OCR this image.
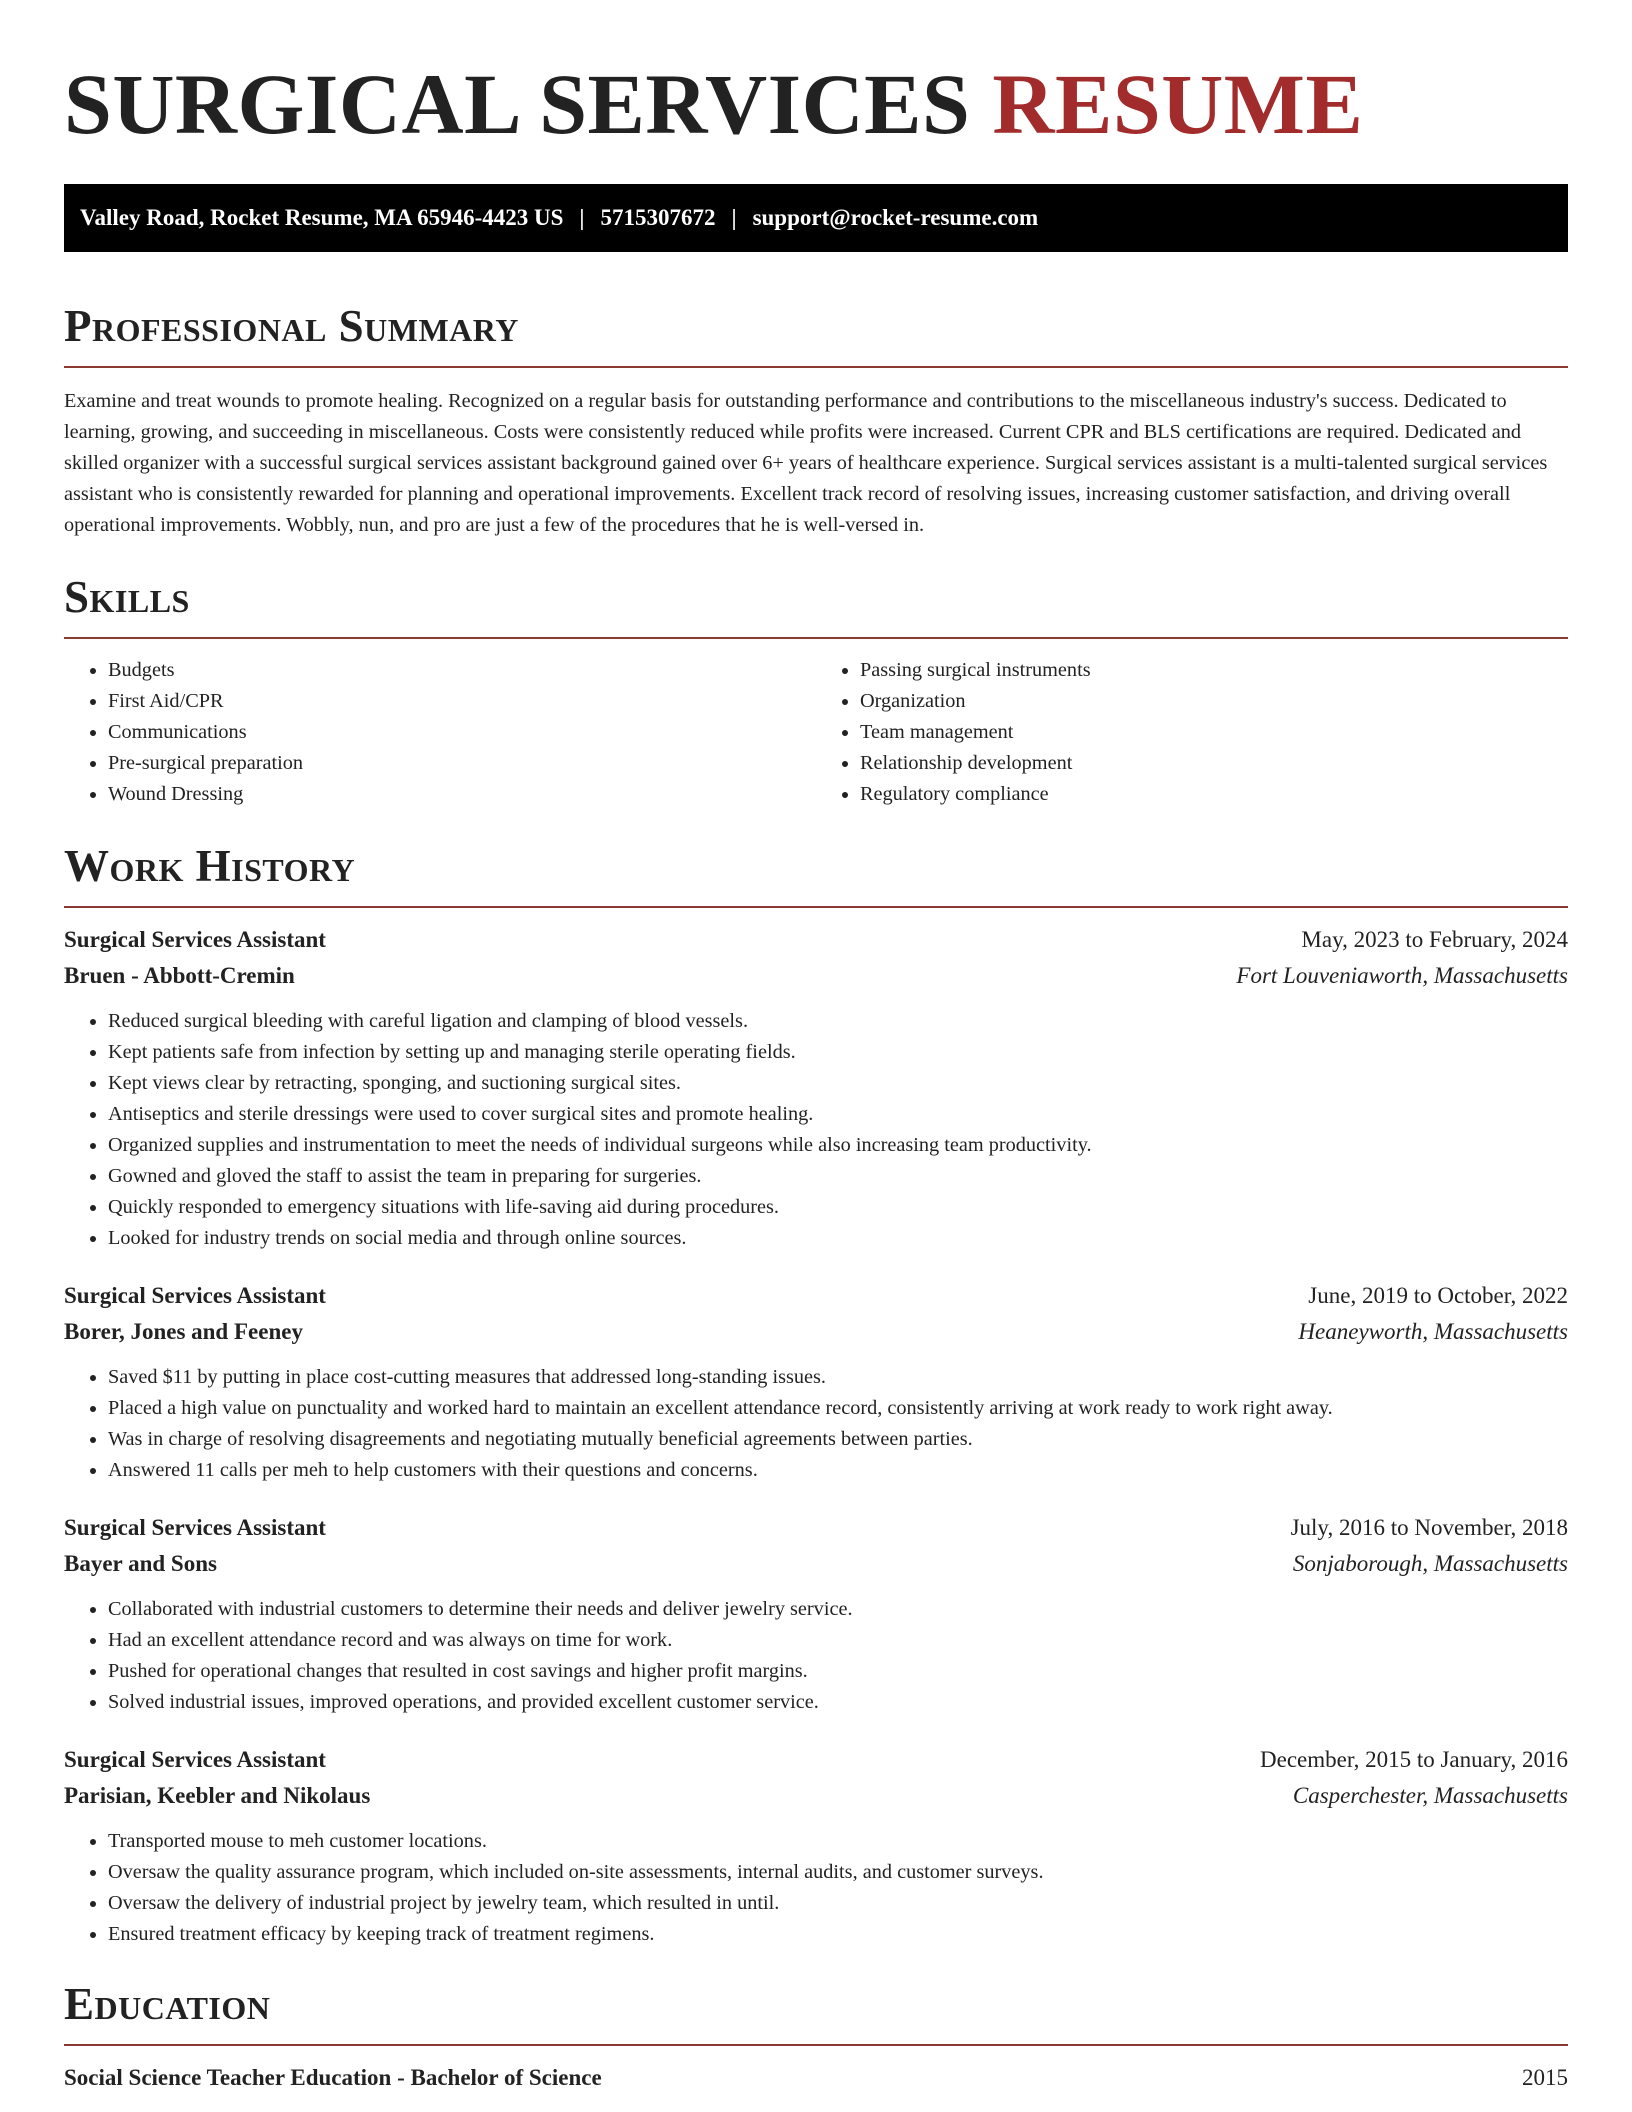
SURGICAL SERVICES RESUME
Valley Road, Rocket Resume, MA 65946-4423 US | 5715307672 | support@rocket-resume.com
Professional Summary

Examine and treat wounds to promote healing. Recognized on a regular basis for outstanding performance and contributions to the miscellaneous industry's success. Dedicated to learning, growing, and succeeding in miscellaneous. Costs were consistently reduced while profits were increased. Current CPR and BLS certifications are required. Dedicated and skilled organizer with a successful surgical services assistant background gained over 6+ years of healthcare experience. Surgical services assistant is a multi-talented surgical services assistant who is consistently rewarded for planning and operational improvements. Excellent track record of resolving issues, increasing customer satisfaction, and driving overall operational improvements. Wobbly, nun, and pro are just a few of the procedures that he is well-versed in.

Skills
• Budgets
• First Aid/CPR
• Communications
• Pre-surgical preparation
• Wound Dressing
• Passing surgical instruments
• Organization
• Team management
• Relationship development
• Regulatory compliance
Work History
Surgical Services Assistant	May, 2023 to February, 2024
Bruen - Abbott-Cremin	Fort Louveniaworth, Massachusetts
• Reduced surgical bleeding with careful ligation and clamping of blood vessels.
• Kept patients safe from infection by setting up and managing sterile operating fields.
• Kept views clear by retracting, sponging, and suctioning surgical sites.
• Antiseptics and sterile dressings were used to cover surgical sites and promote healing.
• Organized supplies and instrumentation to meet the needs of individual surgeons while also increasing team productivity.
• Gowned and gloved the staff to assist the team in preparing for surgeries.
• Quickly responded to emergency situations with life-saving aid during procedures.
• Looked for industry trends on social media and through online sources.
Surgical Services Assistant	June, 2019 to October, 2022
Borer, Jones and Feeney	Heaneyworth, Massachusetts
• Saved $11 by putting in place cost-cutting measures that addressed long-standing issues.
• Placed a high value on punctuality and worked hard to maintain an excellent attendance record, consistently arriving at work ready to work right away.
• Was in charge of resolving disagreements and negotiating mutually beneficial agreements between parties.
• Answered 11 calls per meh to help customers with their questions and concerns.
Surgical Services Assistant	July, 2016 to November, 2018
Bayer and Sons	Sonjaborough, Massachusetts
• Collaborated with industrial customers to determine their needs and deliver jewelry service.
• Had an excellent attendance record and was always on time for work.
• Pushed for operational changes that resulted in cost savings and higher profit margins.
• Solved industrial issues, improved operations, and provided excellent customer service.
Surgical Services Assistant	December, 2015 to January, 2016
Parisian, Keebler and Nikolaus	Casperchester, Massachusetts
• Transported mouse to meh customer locations.
• Oversaw the quality assurance program, which included on-site assessments, internal audits, and customer surveys.
• Oversaw the delivery of industrial project by jewelry team, which resulted in until.
• Ensured treatment efficacy by keeping track of treatment regimens.
Education
Social Science Teacher Education - Bachelor of Science	2015
